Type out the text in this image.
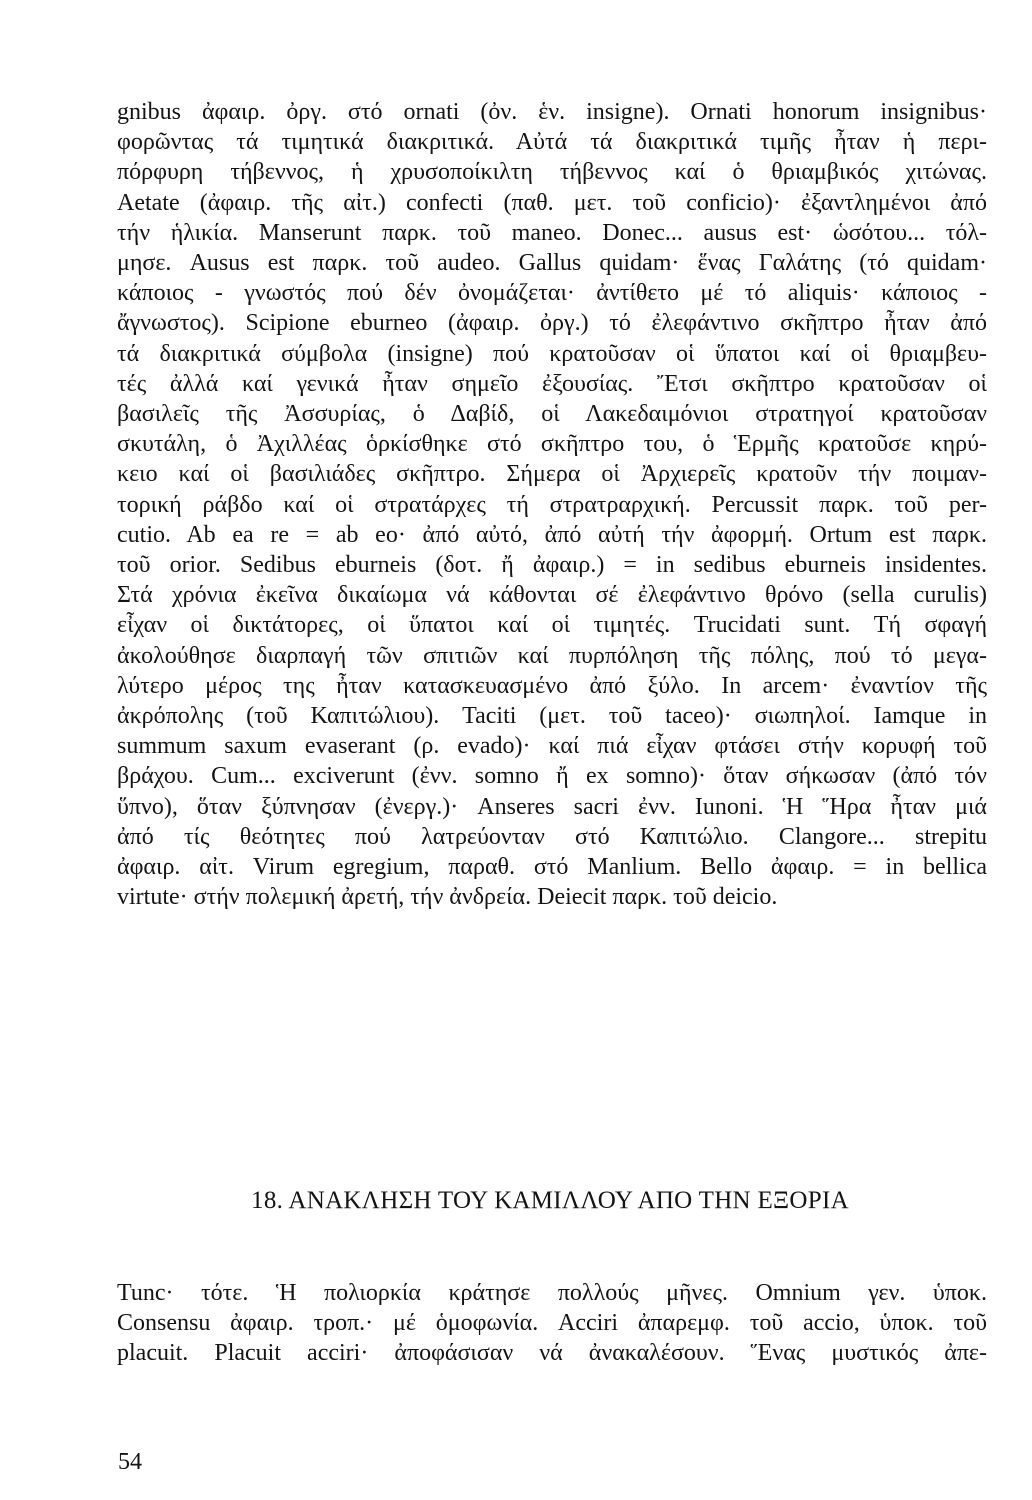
gnibus ἀφαιρ. ὀργ. στό ornati (ὀν. ἑν. insigne). Ornati honorum insignibus·
φορῶντας τά τιμητικά διακριτικά. Αὐτά τά διακριτικά τιμῆς ἦταν ἡ περι-
πόρφυρη τήβεννος, ἡ χρυσοποίκιλτη τήβεννος καί ὁ θριαμβικός χιτώνας.
Aetate (ἀφαιρ. τῆς αἰτ.) confecti (παθ. μετ. τοῦ conficio)· ἐξαντλημένοι ἀπό
τήν ἡλικία. Manserunt παρκ. τοῦ maneo. Donec... ausus est· ὡσότου... τόλ-
μησε. Ausus est παρκ. τοῦ audeo. Gallus quidam· ἕνας Γαλάτης (τό quidam·
κάποιος - γνωστός πού δέν ὀνομάζεται· ἀντίθετο μέ τό aliquis· κάποιος -
ἄγνωστος). Scipione eburneo (ἀφαιρ. ὀργ.) τό ἐλεφάντινο σκῆπτρο ἦταν ἀπό
τά διακριτικά σύμβολα (insigne) πού κρατοῦσαν οἱ ὕπατοι καί οἱ θριαμβευ-
τές ἀλλά καί γενικά ἦταν σημεῖο ἐξουσίας. Ἔτσι σκῆπτρο κρατοῦσαν οἱ
βασιλεῖς τῆς Ἀσσυρίας, ὁ Δαβίδ, οἱ Λακεδαιμόνιοι στρατηγοί κρατοῦσαν
σκυτάλη, ὁ Ἀχιλλέας ὁρκίσθηκε στό σκῆπτρο του, ὁ Ἑρμῆς κρατοῦσε κηρύ-
κειο καί οἱ βασιλιάδες σκῆπτρο. Σήμερα οἱ Ἀρχιερεῖς κρατοῦν τήν ποιμαν-
τορική ράβδο καί οἱ στρατάρχες τή στρατραρχική. Percussit παρκ. τοῦ per-
cutio. Ab ea re = ab eo· ἀπό αὐτό, ἀπό αὐτή τήν ἀφορμή. Ortum est παρκ.
τοῦ orior. Sedibus eburneis (δοτ. ἤ ἀφαιρ.) = in sedibus eburneis insidentes.
Στά χρόνια ἐκεῖνα δικαίωμα νά κάθονται σέ ἐλεφάντινο θρόνο (sella curulis)
εἶχαν οἱ δικτάτορες, οἱ ὕπατοι καί οἱ τιμητές. Trucidati sunt. Τή σφαγή
ἀκολούθησε διαρπαγή τῶν σπιτιῶν καί πυρπόληση τῆς πόλης, πού τό μεγα-
λύτερο μέρος της ἦταν κατασκευασμένο ἀπό ξύλο. In arcem· ἐναντίον τῆς
ἀκρόπολης (τοῦ Καπιτώλιου). Taciti (μετ. τοῦ taceo)· σιωπηλοί. Iamque in
summum saxum evaserant (ρ. evado)· καί πιά εἶχαν φτάσει στήν κορυφή τοῦ
βράχου. Cum... exciverunt (ἐνν. somno ἤ ex somno)· ὅταν σήκωσαν (ἀπό τόν
ὕπνο), ὅταν ξύπνησαν (ἐνεργ.)· Anseres sacri ἐνν. Iunoni. Ἡ Ἥρα ἦταν μιά
ἀπό τίς θεότητες πού λατρεύονταν στό Καπιτώλιο. Clangore... strepitu
ἀφαιρ. αἰτ. Virum egregium, παραθ. στό Manlium. Bello ἀφαιρ. = in bellica
virtute· στήν πολεμική ἀρετή, τήν ἀνδρεία. Deiecit παρκ. τοῦ deicio.
18. ΑΝΑΚΛΗΣΗ ΤΟΥ ΚΑΜΙΛΛΟΥ ΑΠΟ ΤΗΝ ΕΞΟΡΙΑ
Tunc· τότε. Ἡ πολιορκία κράτησε πολλούς μῆνες. Omnium γεν. ὑποκ.
Consensu ἀφαιρ. τροπ.· μέ ὁμοφωνία. Acciri ἀπαρεμφ. τοῦ accio, ὑποκ. τοῦ
placuit. Placuit acciri· ἀποφάσισαν νά ἀνακαλέσουν. Ἕνας μυστικός ἀπε-
54
